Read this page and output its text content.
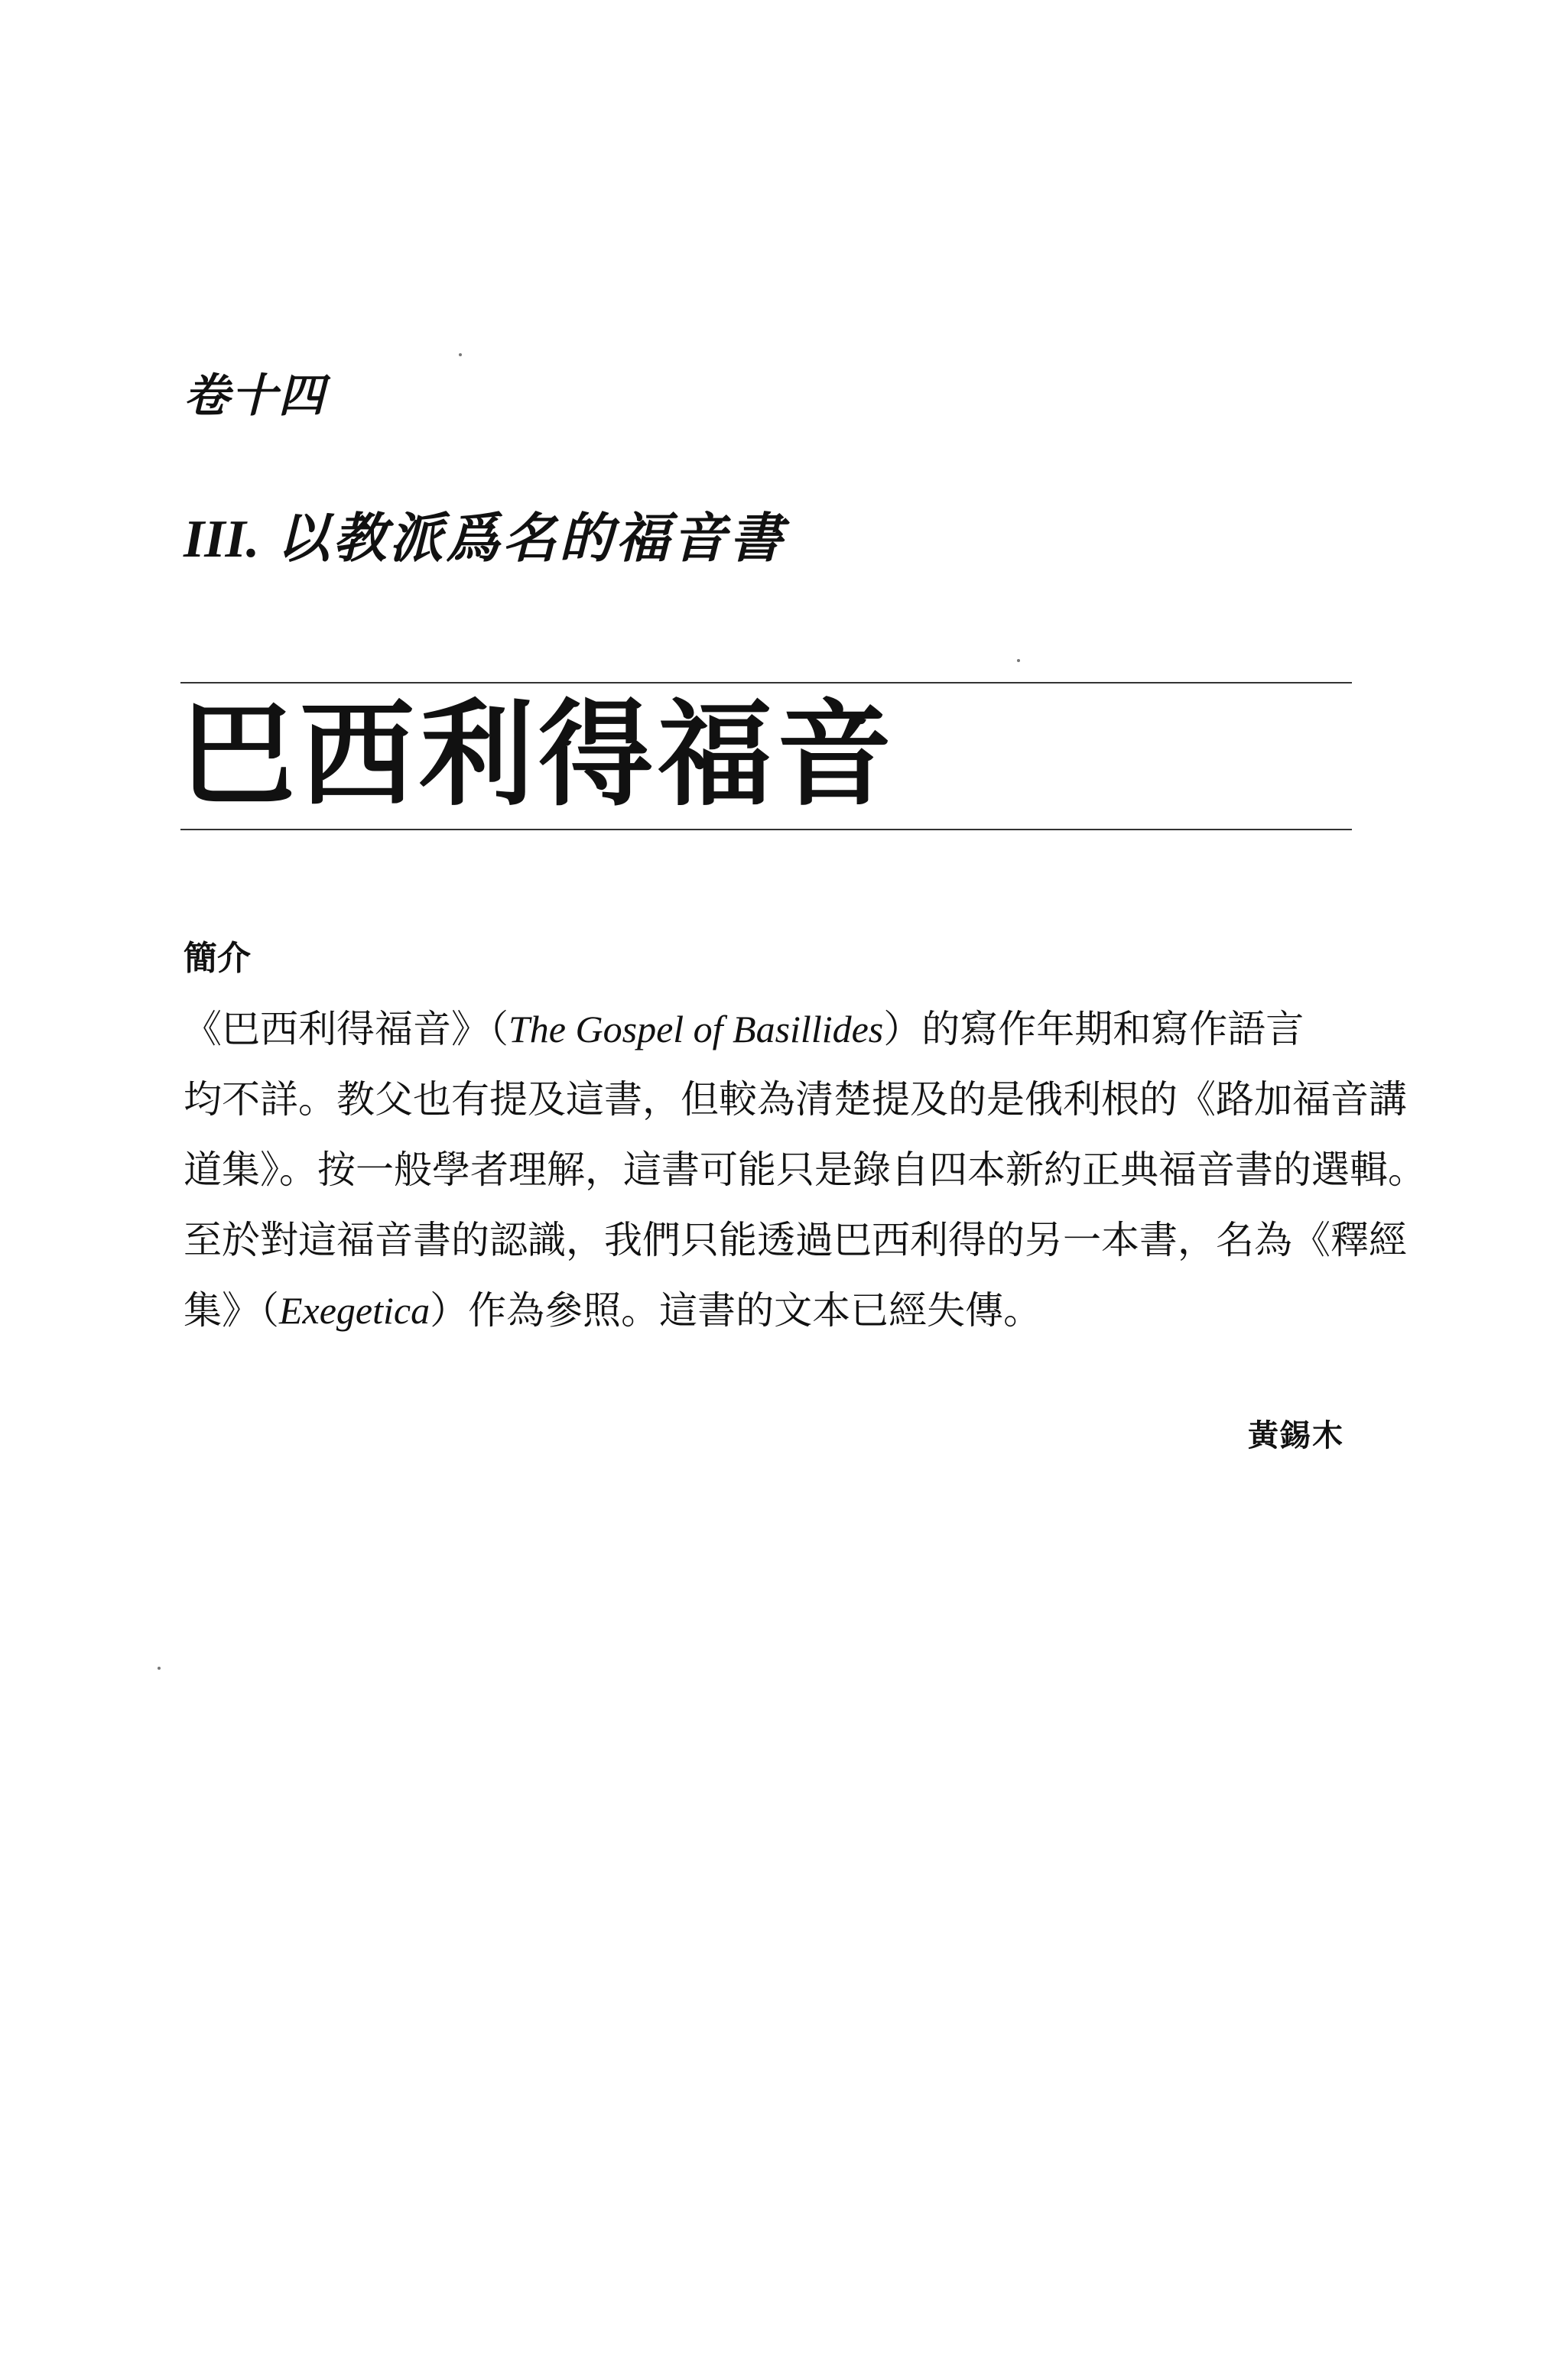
卷十四

III. 以教派爲名的福音書
巴西利得福音
簡介
《巴西利得福音》（The Gospel of Basillides）的寫作年期和寫作語言
均不詳。教父也有提及這書，但較為清楚提及的是俄利根的《路加福音講
道集》。按一般學者理解，這書可能只是錄自四本新約正典福音書的選輯。
至於對這福音書的認識，我們只能透過巴西利得的另一本書，名為《釋經
集》（Exegetica）作為參照。這書的文本已經失傳。

黃錫木
